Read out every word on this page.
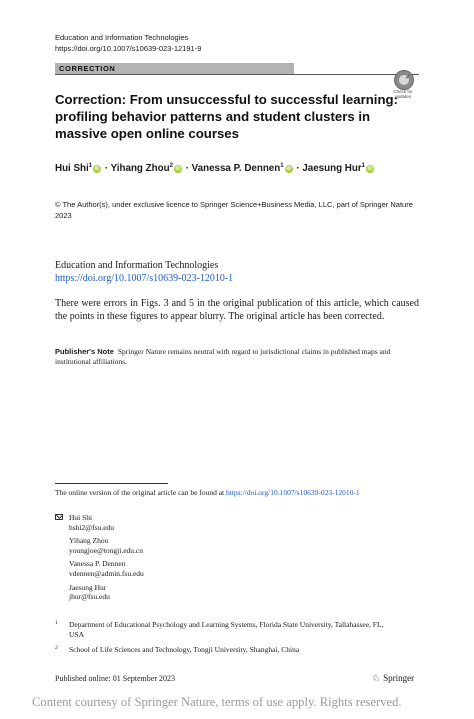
Education and Information Technologies
https://doi.org/10.1007/s10639-023-12191-9
CORRECTION
✓
Check for
updates
Correction: From unsuccessful to successful learning: profiling behavior patterns and student clusters in massive open online courses
Hui Shi$^1$ iD · Yihang Zhou$^2$ iD · Vanessa P. Dennen$^1$ iD · Jaesung Hur$^1$ iD
© The Author(s), under exclusive licence to Springer Science+Business Media, LLC, part of Springer Nature 2023
Education and Information Technologies
https://doi.org/10.1007/s10639-023-12010-1
There were errors in Figs. 3 and 5 in the original publication of this article, which caused the points in these figures to appear blurry. The original article has been corrected.
Publisher's Note Springer Nature remains neutral with regard to jurisdictional claims in published maps and institutional affiliations.
The online version of the original article can be found at https://doi.org/10.1007/s10639-023-12010-1
Hui Shi
hshi2@fsu.edu
Yihang Zhou
youngjoe@tongji.edu.cn
Vanessa P. Dennen
vdennen@admin.fsu.edu
Jaesung Hur
jhur@fsu.edu
1 Department of Educational Psychology and Learning Systems, Florida State University, Tallahassee, FL, USA
2 School of Life Sciences and Technology, Tongji University, Shanghai, China
Published online: 01 September 2023	♘ Springer
Content courtesy of Springer Nature, terms of use apply. Rights reserved.
